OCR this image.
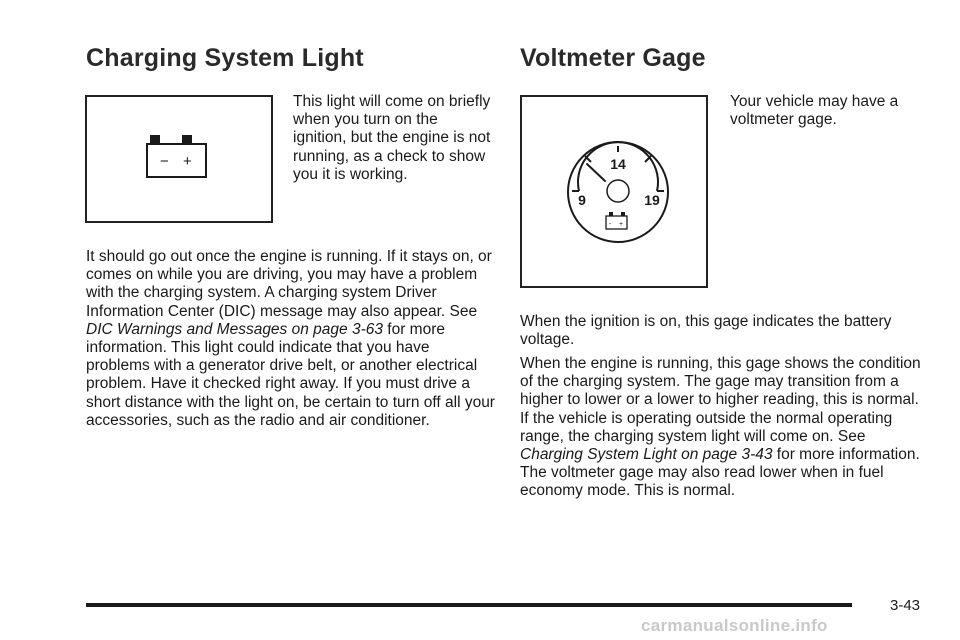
Charging System Light	Voltmeter Gage
− +

This light will come on briefly when you turn on the ignition, but the engine is not running, as a check to show you it is working.

It should go out once the engine is running. If it stays on, or comes on while you are driving, you may have a problem with the charging system. A charging system Driver Information Center (DIC) message may also appear. See DIC Warnings and Messages on page 3-63 for more information. This light could indicate that you have problems with a generator drive belt, or another electrical problem. Have it checked right away. If you must drive a short distance with the light on, be certain to turn off all your accessories, such as the radio and air conditioner.

14
9	19
- +

Your vehicle may have a voltmeter gage.

When the ignition is on, this gage indicates the battery voltage.

When the engine is running, this gage shows the condition of the charging system. The gage may transition from a higher to lower or a lower to higher reading, this is normal. If the vehicle is operating outside the normal operating range, the charging system light will come on. See Charging System Light on page 3-43 for more information. The voltmeter gage may also read lower when in fuel economy mode. This is normal.

3-43
carmanualsonline.info
